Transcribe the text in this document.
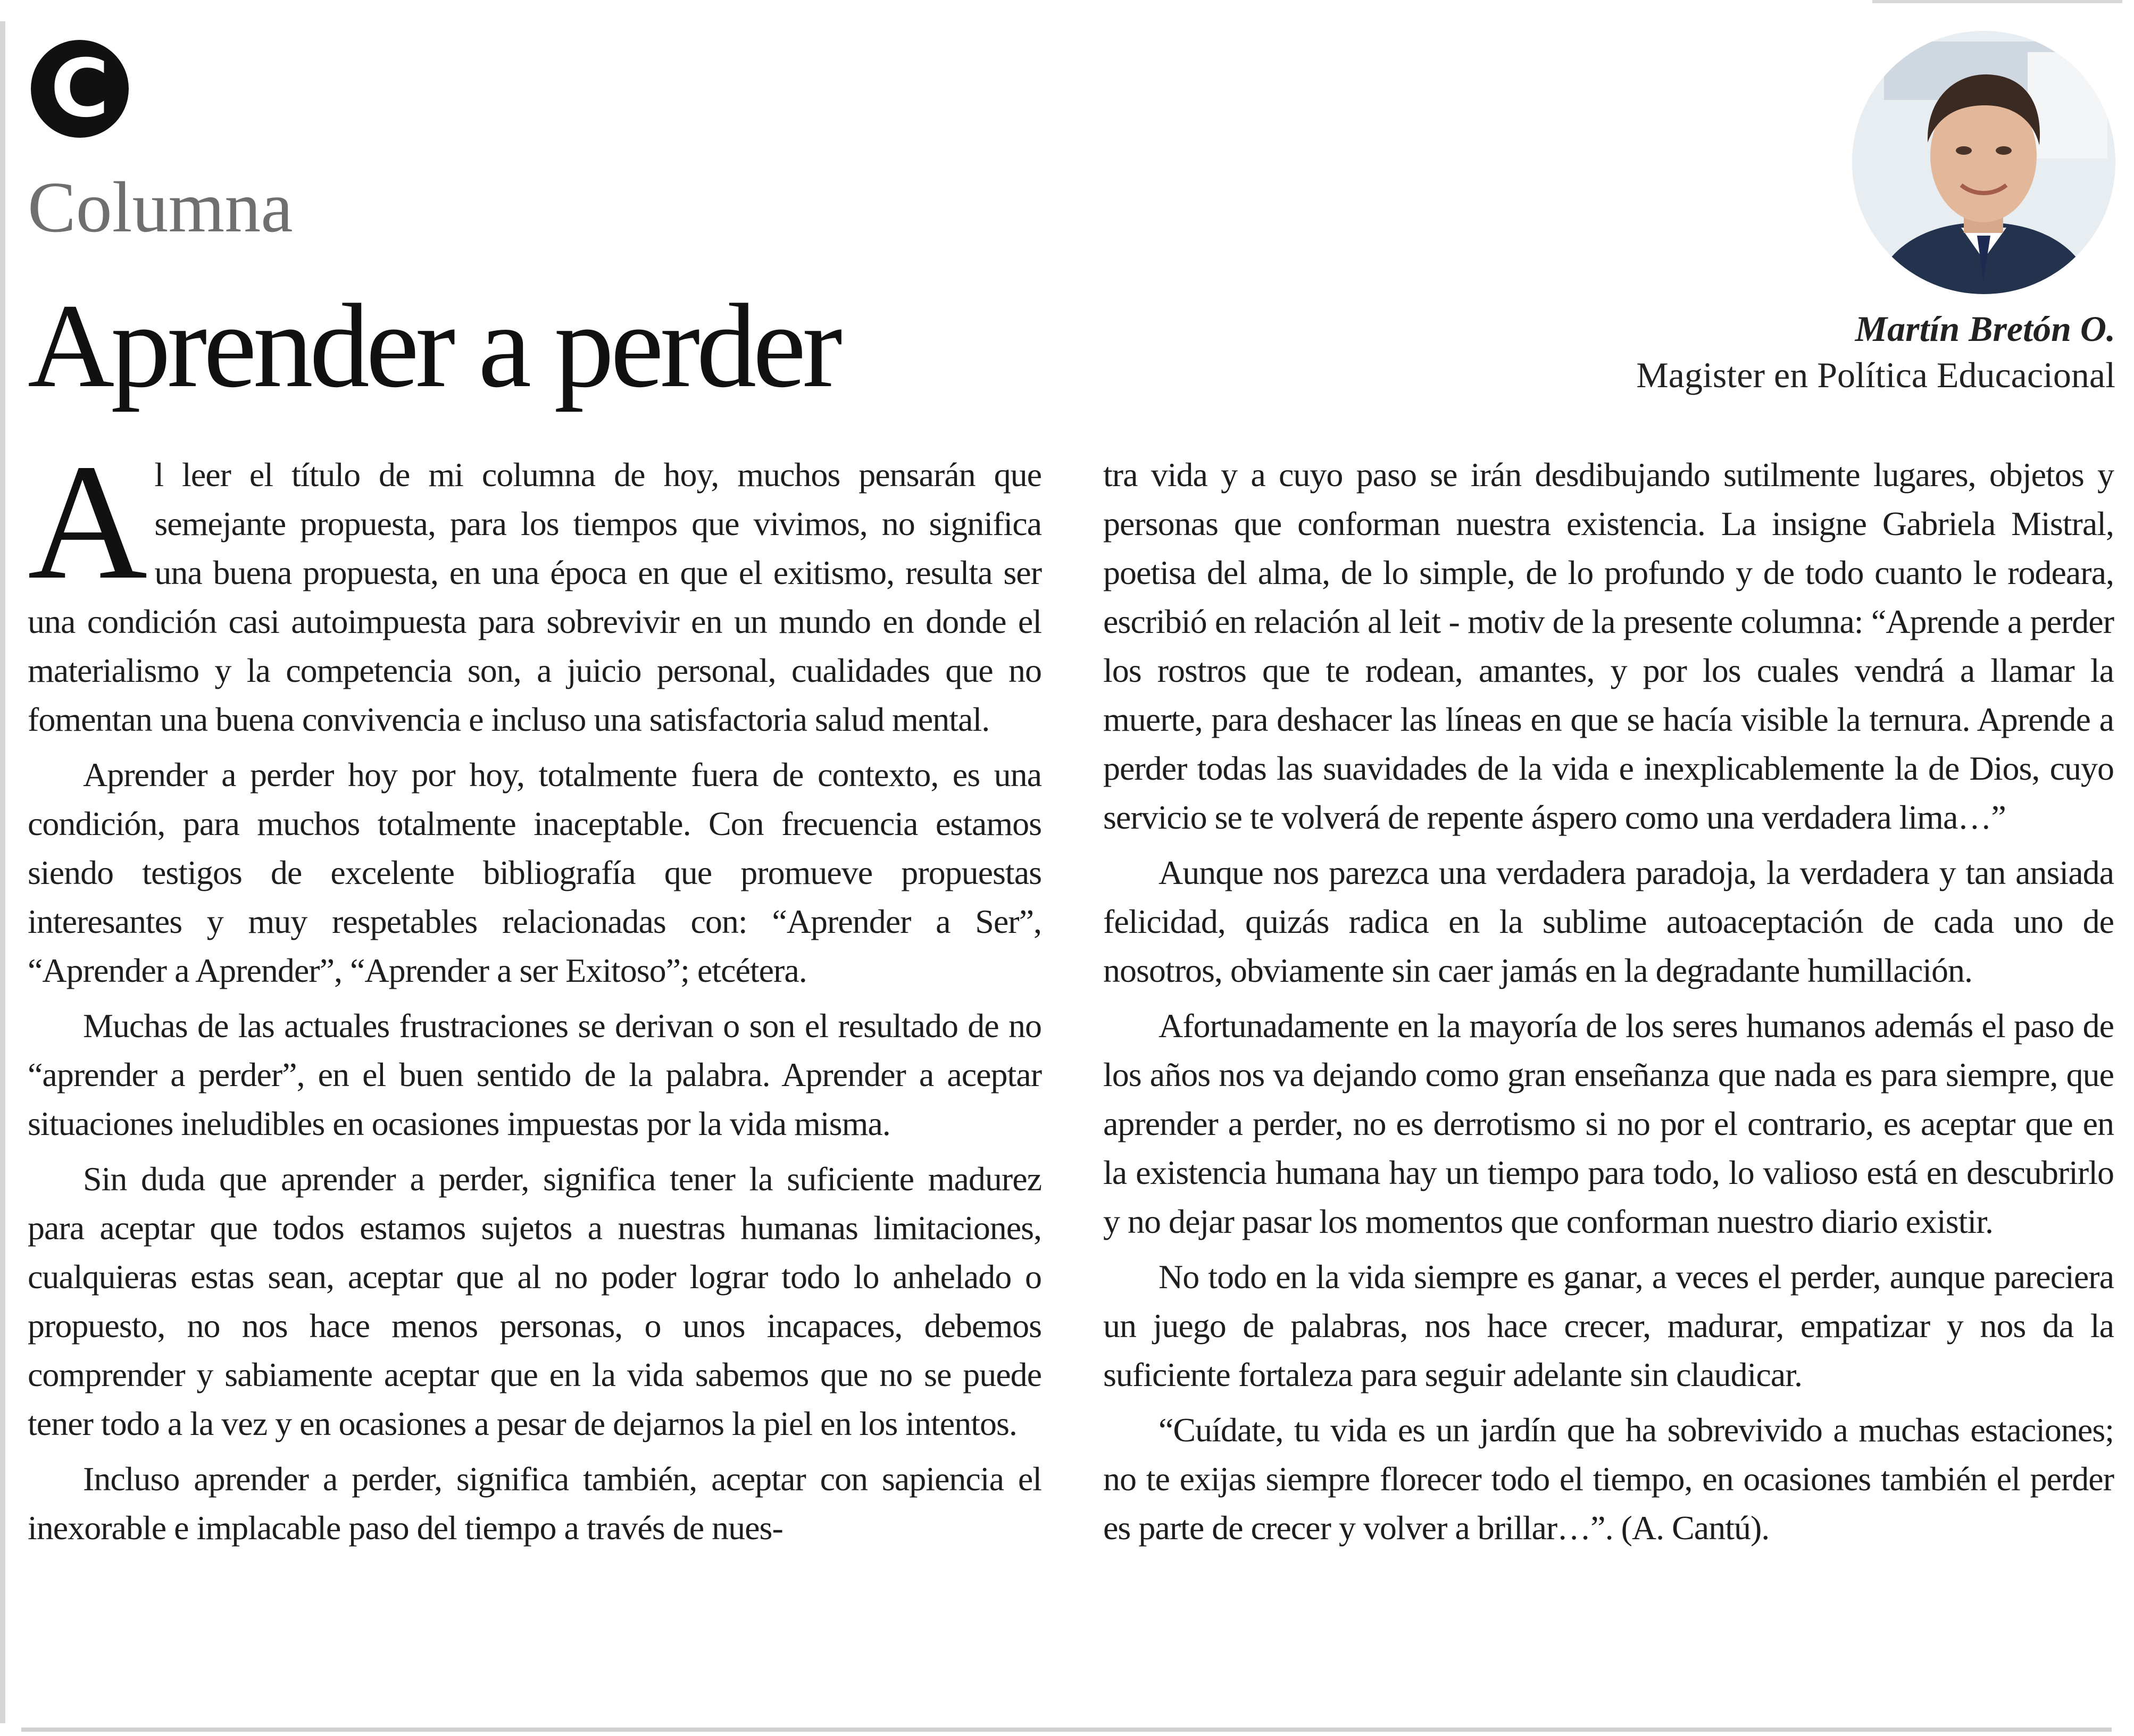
C
Columna
Aprender a perder	Martín Bretón O.
Magister en Política Educacional

Al leer el título de mi columna de hoy, muchos pensarán que semejante propuesta, para los tiempos que vivimos, no significa una buena propuesta, en una época en que el exitismo, resulta ser una condición casi autoimpuesta para sobrevivir en un mundo en donde el materialismo y la competencia son, a juicio personal, cualidades que no fomentan una buena convivencia e incluso una satisfactoria salud mental.

Aprender a perder hoy por hoy, totalmente fuera de contexto, es una condición, para muchos totalmente inaceptable. Con frecuencia estamos siendo testigos de excelente bibliografía que promueve propuestas interesantes y muy respetables relacionadas con: “Aprender a Ser”, “Aprender a Aprender”, “Aprender a ser Exitoso”; etcétera.

Muchas de las actuales frustraciones se derivan o son el resultado de no “aprender a perder”, en el buen sentido de la palabra. Aprender a aceptar situaciones ineludibles en ocasiones impuestas por la vida misma.

Sin duda que aprender a perder, significa tener la suficiente madurez para aceptar que todos estamos sujetos a nuestras humanas limitaciones, cualquieras estas sean, aceptar que al no poder lograr todo lo anhelado o propuesto, no nos hace menos personas, o unos incapaces, debemos comprender y sabiamente aceptar que en la vida sabemos que no se puede tener todo a la vez y en ocasiones a pesar de dejarnos la piel en los intentos.

Incluso aprender a perder, significa también, aceptar con sapiencia el inexorable e implacable paso del tiempo a través de nues-

tra vida y a cuyo paso se irán desdibujando sutilmente lugares, objetos y personas que conforman nuestra existencia. La insigne Gabriela Mistral, poetisa del alma, de lo simple, de lo profundo y de todo cuanto le rodeara, escribió en relación al leit - motiv de la presente columna: “Aprende a perder los rostros que te rodean, amantes, y por los cuales vendrá a llamar la muerte, para deshacer las líneas en que se hacía visible la ternura. Aprende a perder todas las suavidades de la vida e inexplicablemente la de Dios, cuyo servicio se te volverá de repente áspero como una verdadera lima…”

Aunque nos parezca una verdadera paradoja, la verdadera y tan ansiada felicidad, quizás radica en la sublime autoaceptación de cada uno de nosotros, obviamente sin caer jamás en la degradante humillación.

Afortunadamente en la mayoría de los seres humanos además el paso de los años nos va dejando como gran enseñanza que nada es para siempre, que aprender a perder, no es derrotismo si no por el contrario, es aceptar que en la existencia humana hay un tiempo para todo, lo valioso está en descubrirlo y no dejar pasar los momentos que conforman nuestro diario existir.

No todo en la vida siempre es ganar, a veces el perder, aunque pareciera un juego de palabras, nos hace crecer, madurar, empatizar y nos da la suficiente fortaleza para seguir adelante sin claudicar.

“Cuídate, tu vida es un jardín que ha sobrevivido a muchas estaciones; no te exijas siempre florecer todo el tiempo, en ocasiones también el perder es parte de crecer y volver a brillar…”. (A. Cantú).
